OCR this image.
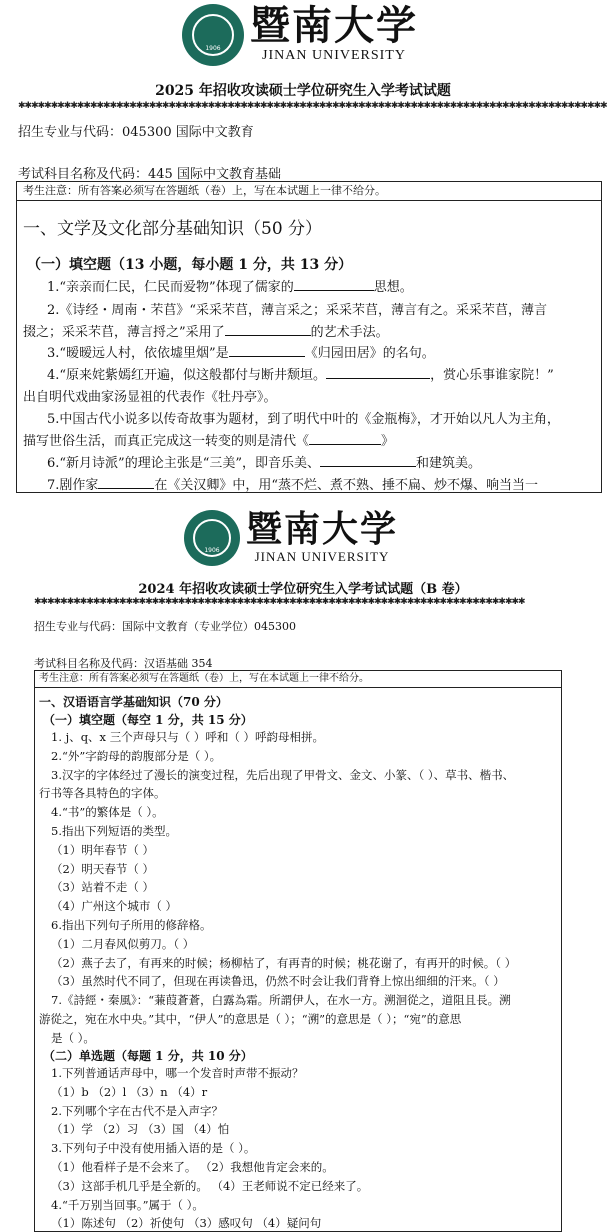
1906 暨南大学
JINAN UNIVERSITY
2025 年招收攻读硕士学位研究生入学考试试题
✱✱✱✱✱✱✱✱✱✱✱✱✱✱✱✱✱✱✱✱✱✱✱✱✱✱✱✱✱✱✱✱✱✱✱✱✱✱✱✱✱✱✱✱✱✱✱✱✱✱✱✱✱✱✱✱✱✱✱✱✱✱✱✱✱✱✱✱✱✱✱✱✱✱✱✱✱✱✱✱✱✱✱✱✱✱✱✱✱✱
招生专业与代码：045300 国际中文教育
考试科目名称及代码：445 国际中文教育基础
考生注意：所有答案必须写在答题纸（卷）上，写在本试题上一律不给分。
一、文学及文化部分基础知识（50 分）
（一）填空题（13 小题，每小题 1 分，共 13 分）
1.“亲亲而仁民，仁民而爱物”体现了儒家的	思想。
2.《诗经・周南・芣苢》“采采芣苢，薄言采之；采采芣苢，薄言有之。采采芣苢，薄言
掇之；采采芣苢，薄言捋之”采用了	的艺术手法。
3.“暧暧远人村，依依墟里烟”是	《归园田居》的名句。
4.“原来姹紫嫣红开遍，似这般都付与断井颓垣。	，赏心乐事谁家院！”
出自明代戏曲家汤显祖的代表作《牡丹亭》。
5.中国古代小说多以传奇故事为题材，到了明代中叶的《金瓶梅》，才开始以凡人为主角，
描写世俗生活，而真正完成这一转变的则是清代《	》
6.“新月诗派”的理论主张是“三美”，即音乐美、	和建筑美。
7.剧作家	在《关汉卿》中，用“蒸不烂、煮不熟、捶不扁、炒不爆、响当当一
1906
暨南大学
JINAN UNIVERSITY
2024 年招收攻读硕士学位研究生入学考试试题（B 卷）
✱✱✱✱✱✱✱✱✱✱✱✱✱✱✱✱✱✱✱✱✱✱✱✱✱✱✱✱✱✱✱✱✱✱✱✱✱✱✱✱✱✱✱✱✱✱✱✱✱✱✱✱✱✱✱✱✱✱✱✱✱✱✱✱✱✱✱✱✱✱✱✱✱✱✱
招生专业与代码：国际中文教育（专业学位）045300
考试科目名称及代码：汉语基础 354
考生注意：所有答案必须写在答题纸（卷）上，写在本试题上一律不给分。
一、汉语语言学基础知识（70 分）
（一）填空题（每空 1 分，共 15 分）
1. j、q、x 三个声母只与（ ）呼和（ ）呼韵母相拼。
2.“外”字韵母的韵腹部分是（ ）。
3.汉字的字体经过了漫长的演变过程，先后出现了甲骨文、金文、小篆、（ ）、草书、楷书、
行书等各具特色的字体。
4.“书”的繁体是（ ）。
5.指出下列短语的类型。
（1）明年春节（ ）
（2）明天春节（ ）
（3）站着不走（ ）
（4）广州这个城市（ ）
6.指出下列句子所用的修辞格。
（1）二月春风似剪刀。（ ）
（2）燕子去了，有再来的时候；杨柳枯了，有再青的时候；桃花谢了，有再开的时候。（ ）
（3）虽然时代不同了，但现在再读鲁迅，仍然不时会让我们背脊上惊出细细的汗来。（ ）
7.《詩經・秦風》：“蒹葭蒼蒼，白露為霜。所謂伊人，在水一方。溯洄從之，道阻且長。溯
游從之，宛在水中央。”其中，“伊人”的意思是（ ）；“溯”的意思是（ ）；“宛”的意思
是（ ）。
（二）单选题（每题 1 分，共 10 分）
1.下列普通话声母中，哪一个发音时声带不振动？
（1）b （2）l （3）n （4）r
2.下列哪个字在古代不是入声字？
（1）学 （2）习 （3）国 （4）怕
3.下列句子中没有使用插入语的是（ ）。
（1）他看样子是不会来了。 （2）我想他肯定会来的。
（3）这部手机几乎是全新的。 （4）王老师说不定已经来了。
4.“千万别当回事。”属于（ ）。
（1）陈述句 （2）祈使句 （3）感叹句 （4）疑问句
